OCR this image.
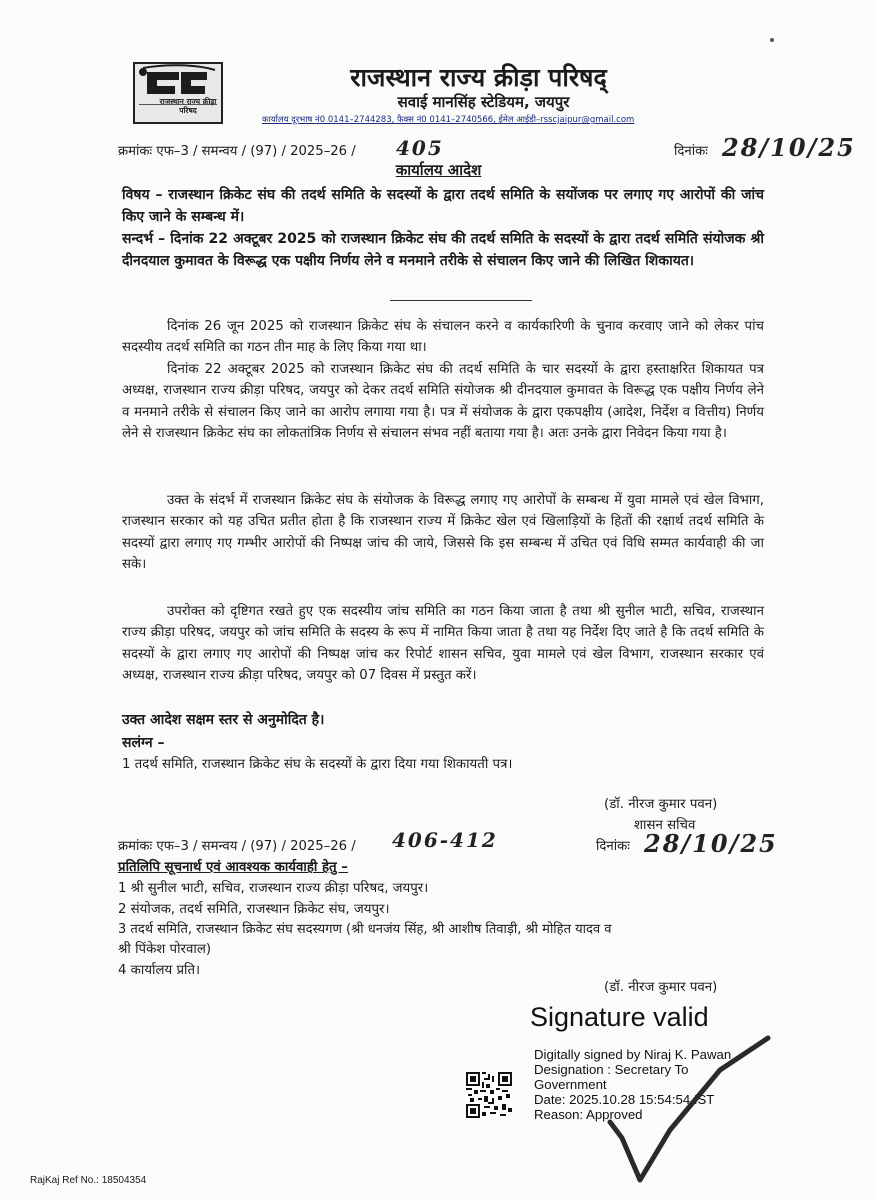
राजस्थान राज्य क्रीड़ा परिषद
राजस्थान राज्य क्रीड़ा परिषद्
सवाई मानसिंह स्टेडियम, जयपुर
कार्यालय दूरभाष नं0 0141–2744283, फैक्स नं0 0141–2740566, ईमेल आईडी–rsscjaipur@gmail.com
क्रमांकः एफ–3 / समन्वय / (97) / 2025–26 / 405	दिनांकः 28/10/25
कार्यालय आदेश
विषय – राजस्थान क्रिकेट संघ की तदर्थ समिति के सदस्यों के द्वारा तदर्थ समिति के सयोंजक पर लगाए गए आरोपों की जांच किए जाने के सम्बन्ध में।
सन्दर्भ – दिनांक 22 अक्टूबर 2025 को राजस्थान क्रिकेट संघ की तदर्थ समिति के सदस्यों के द्वारा तदर्थ समिति संयोजक श्री दीनदयाल कुमावत के विरूद्ध एक पक्षीय निर्णय लेने व मनमाने तरीके से संचालन किए जाने की लिखित शिकायत।
दिनांक 26 जून 2025 को राजस्थान क्रिकेट संघ के संचालन करने व कार्यकारिणी के चुनाव करवाए जाने को लेकर पांच सदस्यीय तदर्थ समिति का गठन तीन माह के लिए किया गया था।
दिनांक 22 अक्टूबर 2025 को राजस्थान क्रिकेट संघ की तदर्थ समिति के चार सदस्यों के द्वारा हस्ताक्षरित शिकायत पत्र अध्यक्ष, राजस्थान राज्य क्रीड़ा परिषद, जयपुर को देकर तदर्थ समिति संयोजक श्री दीनदयाल कुमावत के विरूद्ध एक पक्षीय निर्णय लेने व मनमाने तरीके से संचालन किए जाने का आरोप लगाया गया है। पत्र में संयोजक के द्वारा एकपक्षीय (आदेश, निर्देश व वित्तीय) निर्णय लेने से राजस्थान क्रिकेट संघ का लोकतांत्रिक निर्णय से संचालन संभव नहीं बताया गया है। अतः उनके द्वारा निवेदन किया गया है।
उक्त के संदर्भ में राजस्थान क्रिकेट संघ के संयोजक के विरूद्ध लगाए गए आरोपों के सम्बन्ध में युवा मामले एवं खेल विभाग, राजस्थान सरकार को यह उचित प्रतीत होता है कि राजस्थान राज्य में क्रिकेट खेल एवं खिलाड़ियों के हितों की रक्षार्थ तदर्थ समिति के सदस्यों द्वारा लगाए गए गम्भीर आरोपों की निष्पक्ष जांच की जाये, जिससे कि इस सम्बन्ध में उचित एवं विधि सम्मत कार्यवाही की जा सके।
उपरोक्त को दृष्टिगत रखते हुए एक सदस्यीय जांच समिति का गठन किया जाता है तथा श्री सुनील भाटी, सचिव, राजस्थान राज्य क्रीड़ा परिषद, जयपुर को जांच समिति के सदस्य के रूप में नामित किया जाता है तथा यह निर्देश दिए जाते है कि तदर्थ समिति के सदस्यों के द्वारा लगाए गए आरोपों की निष्पक्ष जांच कर रिपोर्ट शासन सचिव, युवा मामले एवं खेल विभाग, राजस्थान सरकार एवं अध्यक्ष, राजस्थान राज्य क्रीड़ा परिषद, जयपुर को 07 दिवस में प्रस्तुत करें।
उक्त आदेश सक्षम स्तर से अनुमोदित है।
सलंग्न –
1 तदर्थ समिति, राजस्थान क्रिकेट संघ के सदस्यों के द्वारा दिया गया शिकायती पत्र।
(डॉ. नीरज कुमार पवन)
शासन सचिव
क्रमांकः एफ–3 / समन्वय / (97) / 2025–26 / 406-412	दिनांकः 28/10/25
प्रतिलिपि सूचनार्थ एवं आवश्यक कार्यवाही हेतु –
1 श्री सुनील भाटी, सचिव, राजस्थान राज्य क्रीड़ा परिषद, जयपुर।
2 संयोजक, तदर्थ समिति, राजस्थान क्रिकेट संघ, जयपुर।
3 तदर्थ समिति, राजस्थान क्रिकेट संघ सदस्यगण (श्री धनजंय सिंह, श्री आशीष तिवाड़ी, श्री मोहित यादव व
श्री पिंकेश पोरवाल)
4 कार्यालय प्रति।
(डॉ. नीरज कुमार पवन)
Signature valid
Digitally signed by Niraj K. Pawan
Designation : Secretary To
Government
Date: 2025.10.28 15:54:54 IST
Reason: Approved
RajKaj Ref No.: 18504354
